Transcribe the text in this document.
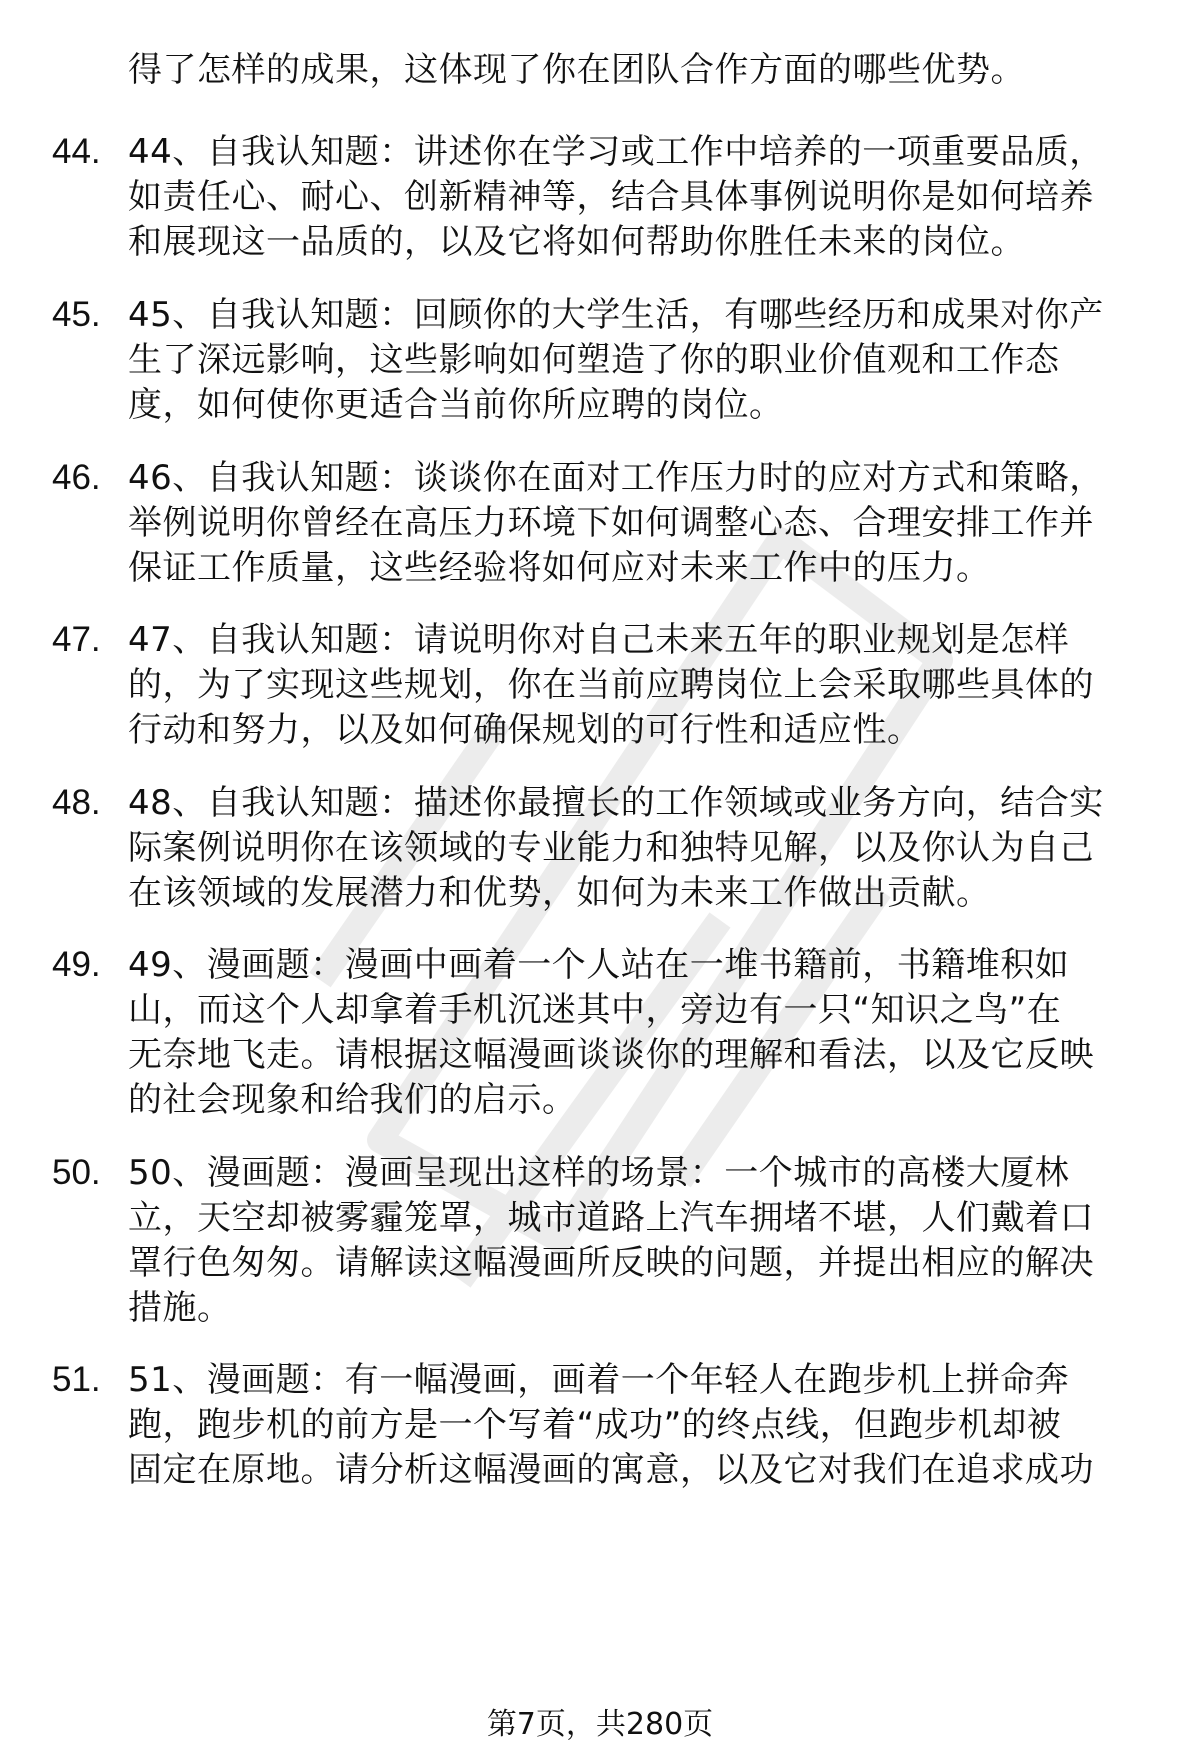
得了怎样的成果，这体现了你在团队合作方面的哪些优势。
44. 44、自我认知题：讲述你在学习或工作中培养的一项重要品质，
如责任心、耐心、创新精神等，结合具体事例说明你是如何培养
和展现这一品质的，以及它将如何帮助你胜任未来的岗位。
45. 45、自我认知题：回顾你的大学生活，有哪些经历和成果对你产
生了深远影响，这些影响如何塑造了你的职业价值观和工作态
度，如何使你更适合当前你所应聘的岗位。
46. 46、自我认知题：谈谈你在面对工作压力时的应对方式和策略，
举例说明你曾经在高压力环境下如何调整心态、合理安排工作并
保证工作质量，这些经验将如何应对未来工作中的压力。
47. 47、自我认知题：请说明你对自己未来五年的职业规划是怎样
的，为了实现这些规划，你在当前应聘岗位上会采取哪些具体的
行动和努力，以及如何确保规划的可行性和适应性。
48. 48、自我认知题：描述你最擅长的工作领域或业务方向，结合实
际案例说明你在该领域的专业能力和独特见解，以及你认为自己
在该领域的发展潜力和优势，如何为未来工作做出贡献。
49. 49、漫画题：漫画中画着一个人站在一堆书籍前，书籍堆积如
山，而这个人却拿着手机沉迷其中，旁边有一只“知识之鸟”在
无奈地飞走。请根据这幅漫画谈谈你的理解和看法，以及它反映
的社会现象和给我们的启示。
50. 50、漫画题：漫画呈现出这样的场景：一个城市的高楼大厦林
立，天空却被雾霾笼罩，城市道路上汽车拥堵不堪，人们戴着口
罩行色匆匆。请解读这幅漫画所反映的问题，并提出相应的解决
措施。
51. 51、漫画题：有一幅漫画，画着一个年轻人在跑步机上拼命奔
跑，跑步机的前方是一个写着“成功”的终点线，但跑步机却被
固定在原地。请分析这幅漫画的寓意，以及它对我们在追求成功
第7页，共280页
